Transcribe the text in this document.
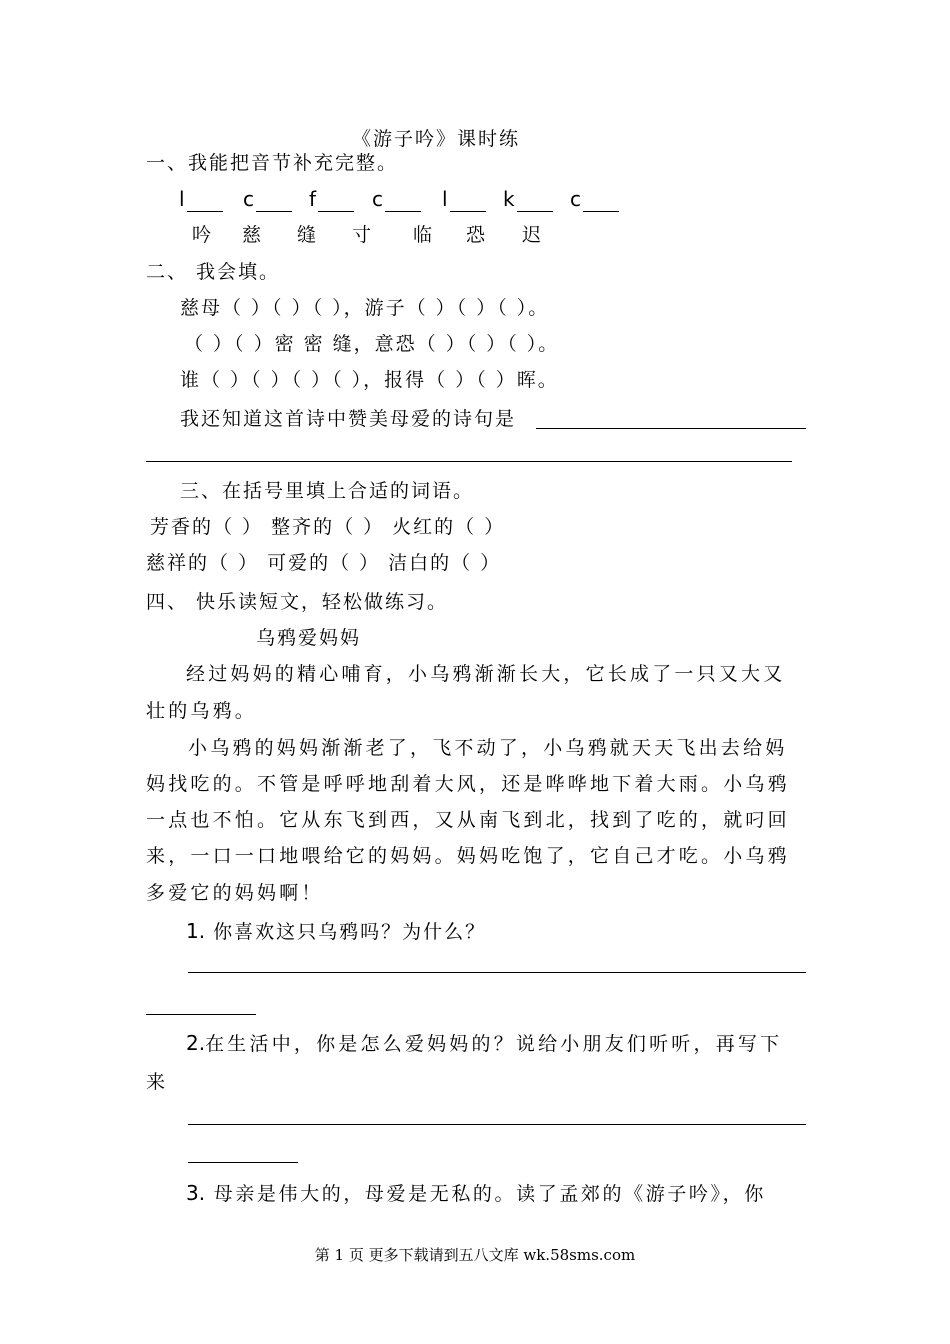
《游子吟》课时练
一、我能把音节补充完整。
l	c	f	c	l	k	c
吟 慈 缝 寸 临 恐 迟
二、 我会填。
慈母（ ）（ ）（ ），游子（ ）（ ）（ ）。
（ ）（ ）密 密 缝，意恐（ ）（ ）（ ）。
谁（ ）（ ）（ ）（ ），报得（ ）（ ）晖。
我还知道这首诗中赞美母爱的诗句是
三、在括号里填上合适的词语。
芳香的（ ） 整齐的（ ） 火红的（ ）
慈祥的（ ） 可爱的（ ） 洁白的（ ）
四、 快乐读短文，轻松做练习。
乌鸦爱妈妈
经过妈妈的精心哺育，小乌鸦渐渐长大，它长成了一只又大又
壮的乌鸦。
小乌鸦的妈妈渐渐老了，飞不动了，小乌鸦就天天飞出去给妈
妈找吃的。不管是呼呼地刮着大风，还是哗哗地下着大雨。小乌鸦
一点也不怕。它从东飞到西，又从南飞到北，找到了吃的，就叼回
来，一口一口地喂给它的妈妈。妈妈吃饱了，它自己才吃。小乌鸦
多爱它的妈妈啊！
1. 你喜欢这只乌鸦吗？为什么？
2.在生活中，你是怎么爱妈妈的？说给小朋友们听听，再写下
来
3. 母亲是伟大的，母爱是无私的。读了孟郊的《游子吟》，你
第 1 页 更多下载请到五八文库 wk.58sms.com
